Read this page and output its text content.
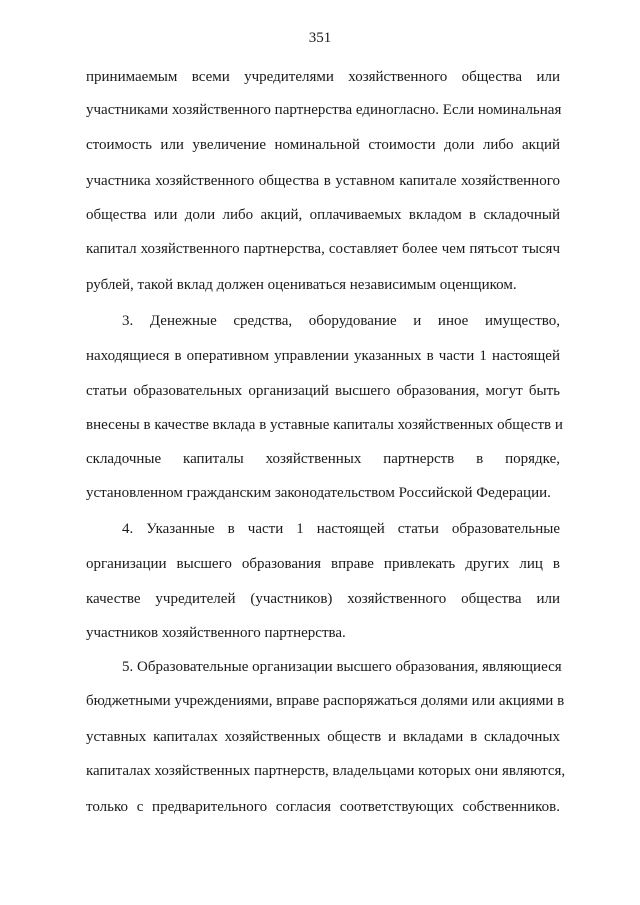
351
принимаемым всеми учредителями хозяйственного общества или
участниками хозяйственного партнерства единогласно. Если номинальная
стоимость или увеличение номинальной стоимости доли либо акций
участника хозяйственного общества в уставном капитале хозяйственного
общества или доли либо акций, оплачиваемых вкладом в складочный
капитал хозяйственного партнерства, составляет более чем пятьсот тысяч
рублей, такой вклад должен оцениваться независимым оценщиком.
3. Денежные средства, оборудование и иное имущество,
находящиеся в оперативном управлении указанных в части 1 настоящей
статьи образовательных организаций высшего образования, могут быть
внесены в качестве вклада в уставные капиталы хозяйственных обществ и
складочные капиталы хозяйственных партнерств в порядке,
установленном гражданским законодательством Российской Федерации.
4. Указанные в части 1 настоящей статьи образовательные
организации высшего образования вправе привлекать других лиц в
качестве учредителей (участников) хозяйственного общества или
участников хозяйственного партнерства.
5. Образовательные организации высшего образования, являющиеся
бюджетными учреждениями, вправе распоряжаться долями или акциями в
уставных капиталах хозяйственных обществ и вкладами в складочных
капиталах хозяйственных партнерств, владельцами которых они являются,
только с предварительного согласия соответствующих собственников.
